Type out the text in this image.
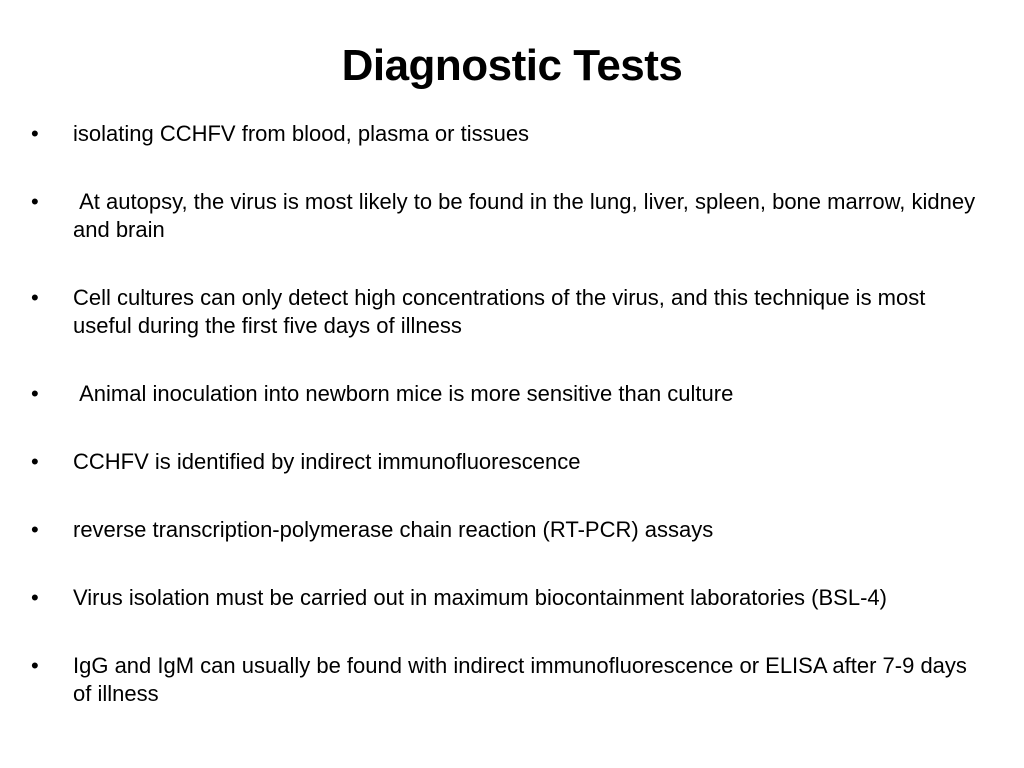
Diagnostic Tests
• isolating CCHFV from blood, plasma or tissues
• At autopsy, the virus is most likely to be found in the lung, liver, spleen, bone marrow, kidney and brain
• Cell cultures can only detect high concentrations of the virus, and this technique is most useful during the first five days of illness
• Animal inoculation into newborn mice is more sensitive than culture
• CCHFV is identified by indirect immunofluorescence
• reverse transcription-polymerase chain reaction (RT-PCR) assays
• Virus isolation must be carried out in maximum biocontainment laboratories (BSL-4)
• IgG and IgM can usually be found with indirect immunofluorescence or ELISA after 7-9 days of illness
